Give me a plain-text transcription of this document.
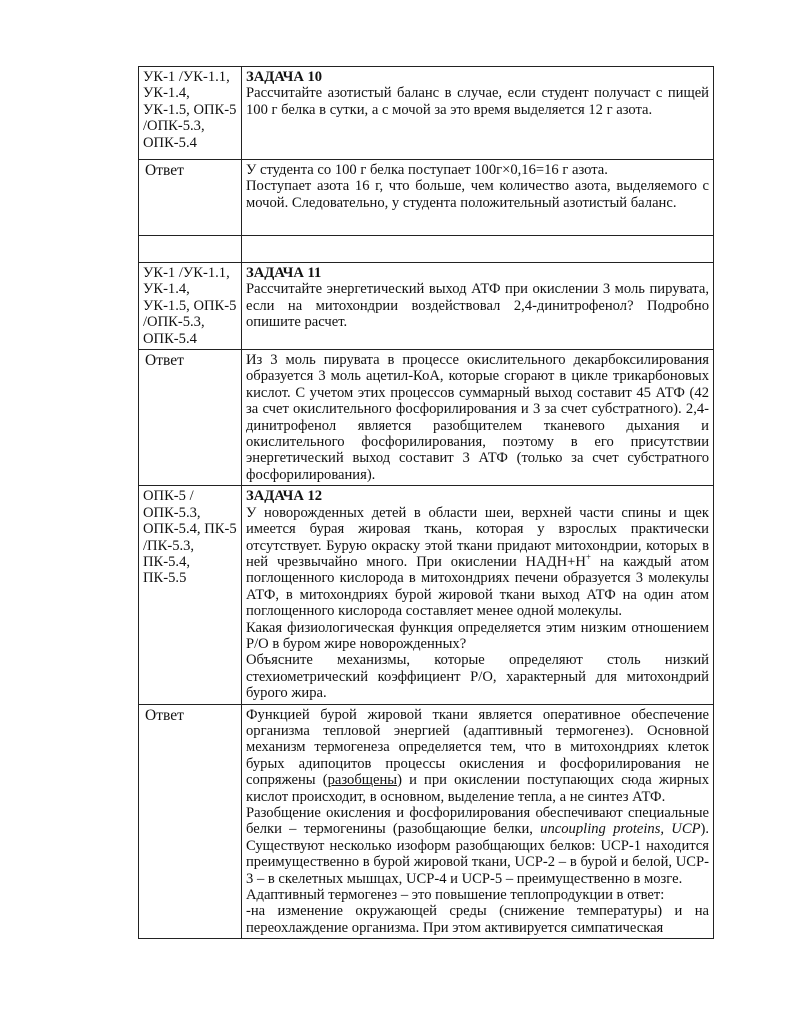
УК-1 /УК-1.1, УК-1.4, УК-1.5, ОПК-5 /ОПК-5.3, ОПК-5.4	ЗАДАЧА 10
Рассчитайте азотистый баланс в случае, если студент получаст с пищей 100 г белка в сутки, а с мочой за это время выделяется 12 г азота.

Ответ	У студента со 100 г белка поступает 100г×0,16=16 г азота.
Поступает азота 16 г, что больше, чем количество азота, выделяемого с мочой. Следовательно, у студента положительный азотистый баланс.

УК-1 /УК-1.1, УК-1.4, УК-1.5, ОПК-5 /ОПК-5.3, ОПК-5.4	ЗАДАЧА 11
Рассчитайте энергетический выход АТФ при окислении 3 моль пирувата, если на митохондрии воздействовал 2,4-динитрофенол? Подробно опишите расчет.

Ответ	Из 3 моль пирувата в процессе окислительного декарбоксилирования образуется 3 моль ацетил-КоА, которые сгорают в цикле трикарбоновых кислот. С учетом этих процессов суммарный выход составит 45 АТФ (42 за счет окислительного фосфорилирования и 3 за счет субстратного). 2,4-динитрофенол является разобщителем тканевого дыхания и окислительного фосфорилирования, поэтому в его присутствии энергетический выход составит 3 АТФ (только за счет субстратного фосфорилирования).

ОПК-5 /ОПК-5.3, ОПК-5.4, ПК-5 /ПК-5.3, ПК-5.4, ПК-5.5	ЗАДАЧА 12
У новорожденных детей в области шеи, верхней части спины и щек имеется бурая жировая ткань, которая у взрослых практически отсутствует. Бурую окраску этой ткани придают митохондрии, которых в ней чрезвычайно много. При окислении НАДН+Н+ на каждый атом поглощенного кислорода в митохондриях печени образуется 3 молекулы АТФ, в митохондриях бурой жировой ткани выход АТФ на один атом поглощенного кислорода составляет менее одной молекулы.
Какая физиологическая функция определяется этим низким отношением Р/О в буром жире новорожденных?
Объясните механизмы, которые определяют столь низкий стехиометрический коэффициент Р/О, характерный для митохондрий бурого жира.

Ответ	Функцией бурой жировой ткани является оперативное обеспечение организма тепловой энергией (адаптивный термогенез). Основной механизм термогенеза определяется тем, что в митохондриях клеток бурых адипоцитов процессы окисления и фосфорилирования не сопряжены (разобщены) и при окислении поступающих сюда жирных кислот происходит, в основном, выделение тепла, а не синтез АТФ.
Разобщение окисления и фосфорилирования обеспечивают специальные белки – термогенины (разобщающие белки, uncoupling proteins, UCP). Существуют несколько изоформ разобщающих белков: UCP-1 находится преимущественно в бурой жировой ткани, UCP-2 – в бурой и белой, UCP-3 – в скелетных мышцах, UCP-4 и UCP-5 – преимущественно в мозге.
Адаптивный термогенез – это повышение теплопродукции в ответ:
-на изменение окружающей среды (снижение температуры) и на переохлаждение организма. При этом активируется симпатическая
